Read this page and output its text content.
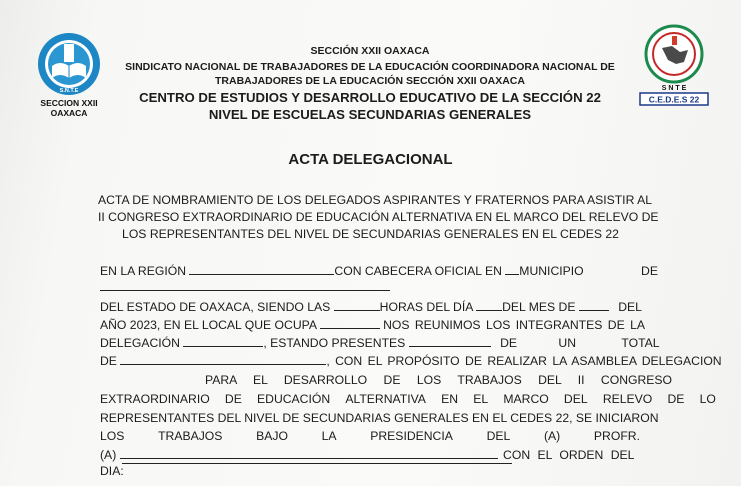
S.N.T.E
SECCION XXII
OAXACA
S N T E
C.E.D.E.S 22
SECCIÓN XXII OAXACA
SINDICATO NACIONAL DE TRABAJADORES DE LA EDUCACIÓN COORDINADORA NACIONAL DE
TRABAJADORES DE LA EDUCACIÓN SECCIÓN XXII OAXACA
CENTRO DE ESTUDIOS Y DESARROLLO EDUCATIVO DE LA SECCIÓN 22
NIVEL DE ESCUELAS SECUNDARIAS GENERALES
ACTA DELEGACIONAL
ACTA DE NOMBRAMIENTO DE LOS DELEGADOS ASPIRANTES Y FRATERNOS PARA ASISTIR AL
II CONGRESO EXTRAORDINARIO DE EDUCACIÓN ALTERNATIVA EN EL MARCO DEL RELEVO DE
LOS REPRESENTANTES DEL NIVEL DE SECUNDARIAS GENERALES EN EL CEDES 22
EN LA REGIÓN	CON CABECERA OFICIAL EN MUNICIPIO	DE
DEL ESTADO DE OAXACA, SIENDO LAS	HORAS DEL DÍA DEL MES DE	DEL
AÑO 2023, EN EL LOCAL QUE OCUPA	NOS REUNIMOS LOS INTEGRANTES DE LA
DELEGACIÓN	, ESTANDO PRESENTES	DE	UN	TOTAL
DE	, CON EL PROPÓSITO DE REALIZAR LA ASAMBLEA DELEGACION
PARA EL DESARROLLO DE LOS TRABAJOS DEL II CONGRESO
EXTRAORDINARIO DE EDUCACIÓN ALTERNATIVA EN EL MARCO DEL RELEVO DE LO
REPRESENTANTES DEL NIVEL DE SECUNDARIAS GENERALES EN EL CEDES 22, SE INICIARON
LOS	TRABAJOS	BAJO	LA	PRESIDENCIA	DEL	(A)	PROFR.
(A)	CON EL ORDEN DEL
DIA:
